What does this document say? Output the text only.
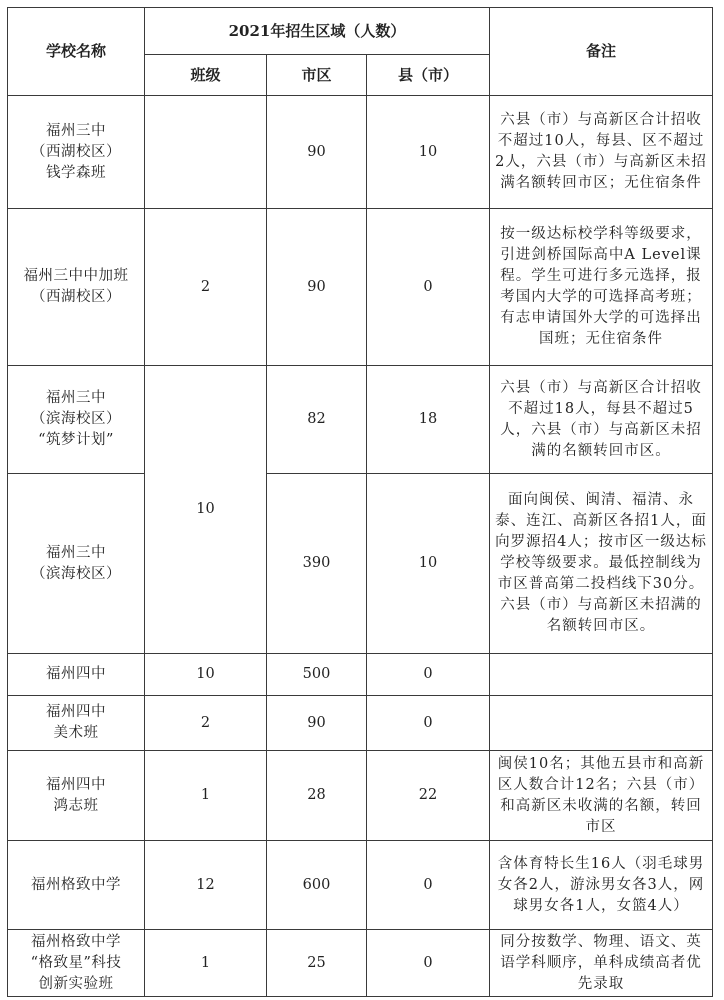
学校名称	2021年招生区域（人数）			备注
	班级	市区	县（市）	
福州三中
（西湖校区）
钱学森班		90	10	六县（市）与高新区合计招收不超过10人，每县、区不超过2人，六县（市）与高新区未招满名额转回市区；无住宿条件
福州三中中加班
（西湖校区）	2	90	0	按一级达标校学科等级要求，引进剑桥国际高中A Level课程。学生可进行多元选择，报考国内大学的可选择高考班；有志申请国外大学的可选择出国班；无住宿条件
福州三中
（滨海校区）
“筑梦计划”	10	82	18	六县（市）与高新区合计招收不超过18人，每县不超过5人，六县（市）与高新区未招满的名额转回市区。
福州三中
（滨海校区）		390	10	面向闽侯、闽清、福清、永泰、连江、高新区各招1人，面向罗源招4人；按市区一级达标学校等级要求。最低控制线为市区普高第二投档线下30分。六县（市）与高新区未招满的名额转回市区。
福州四中	10	500	0	
福州四中
美术班	2	90	0	
福州四中
鸿志班	1	28	22	闽侯10名；其他五县市和高新区人数合计12名；六县（市）和高新区未收满的名额，转回市区
福州格致中学	12	600	0	含体育特长生16人（羽毛球男女各2人，游泳男女各3人，网球男女各1人，女篮4人）
福州格致中学
“格致星”科技
创新实验班	1	25	0	同分按数学、物理、语文、英语学科顺序，单科成绩高者优先录取
